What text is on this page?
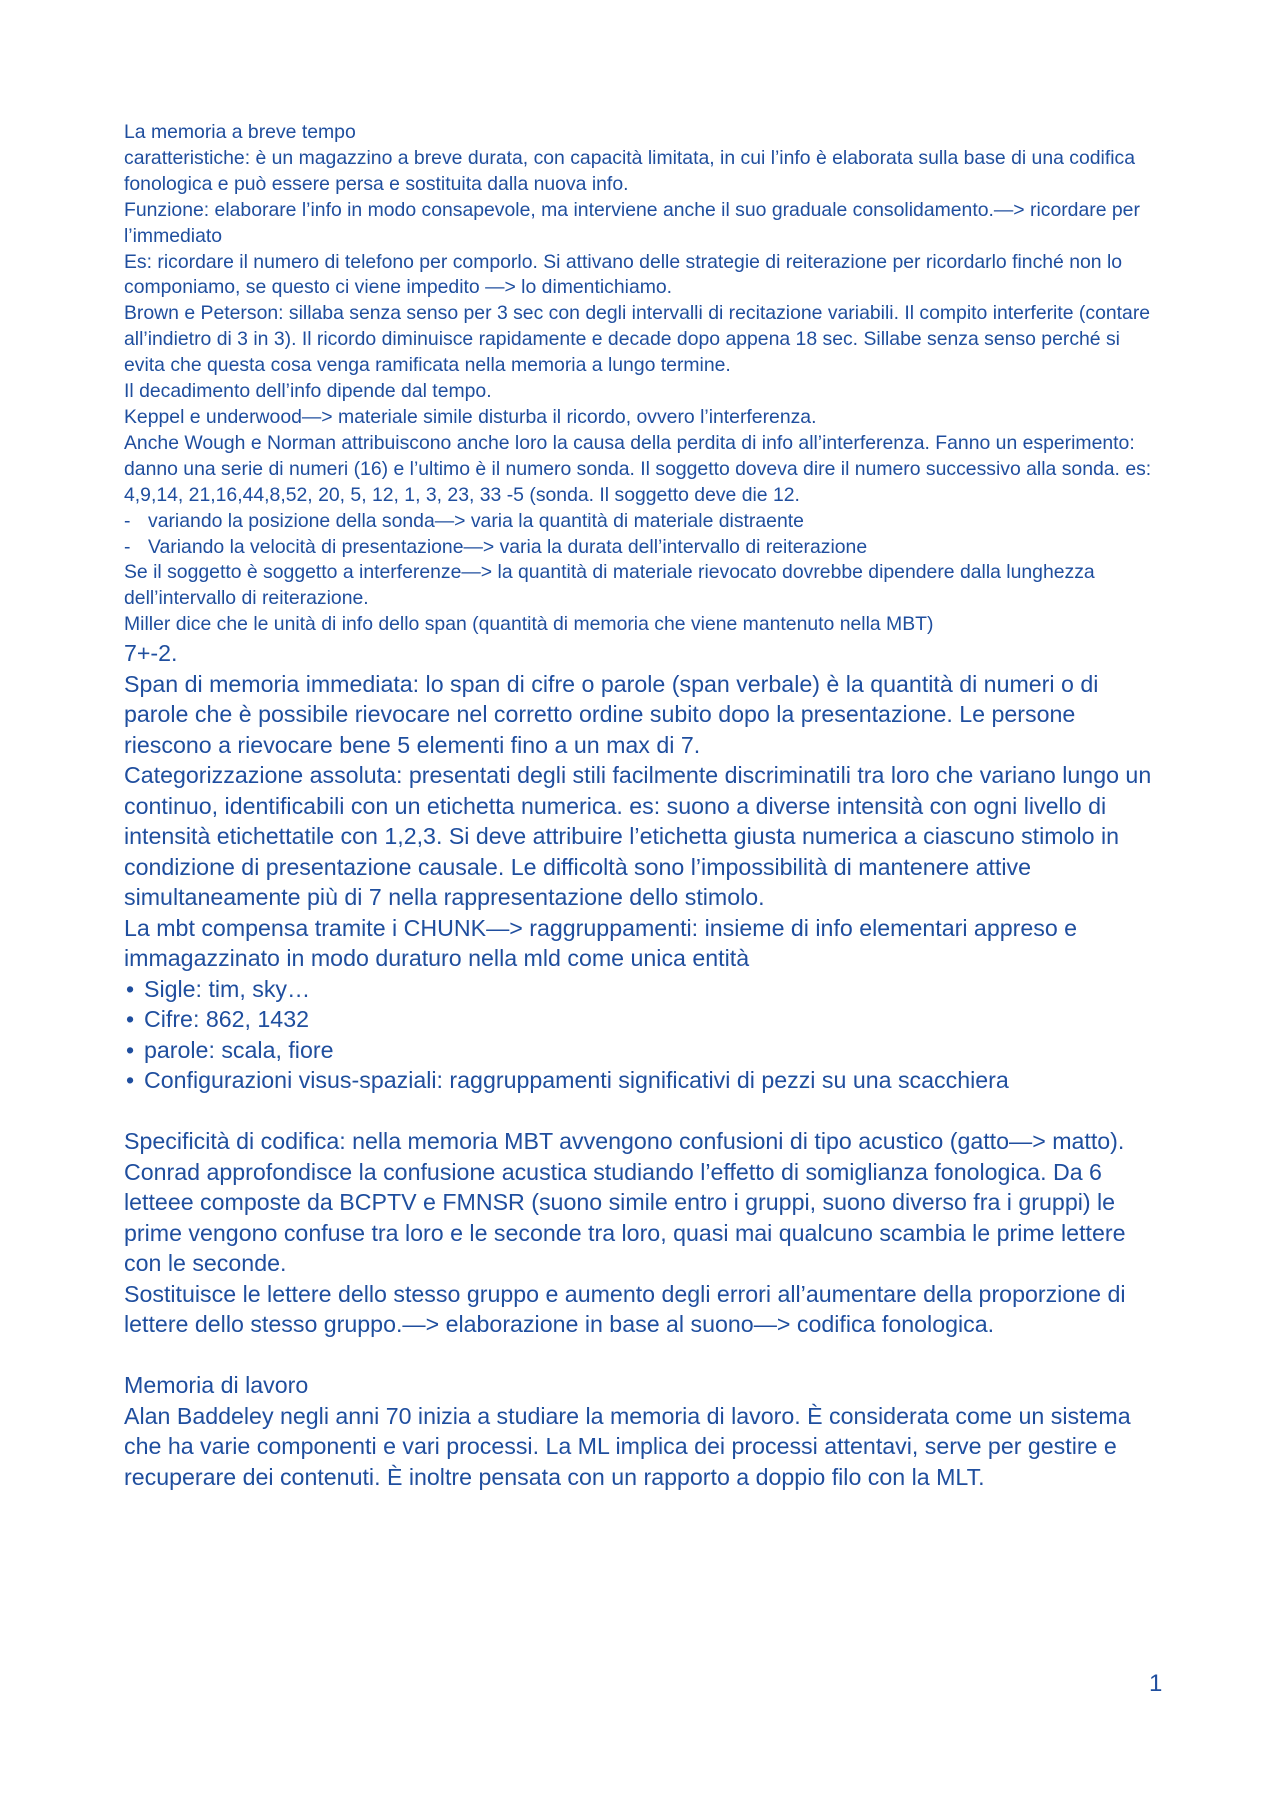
La memoria a breve tempo

caratteristiche: è un magazzino a breve durata, con capacità limitata, in cui l’info è elaborata sulla base di una codifica fonologica e può essere persa e sostituita dalla nuova info.

Funzione: elaborare l’info in modo consapevole, ma interviene anche il suo graduale consolidamento.—> ricordare per l’immediato

Es: ricordare il numero di telefono per comporlo. Si attivano delle strategie di reiterazione per ricordarlo finché non lo componiamo, se questo ci viene impedito —> lo dimentichiamo.

Brown e Peterson: sillaba senza senso per 3 sec con degli intervalli di recitazione variabili. Il compito interferite (contare all’indietro di 3 in 3). Il ricordo diminuisce rapidamente e decade dopo appena 18 sec. Sillabe senza senso perché si evita che questa cosa venga ramificata nella memoria a lungo termine.

Il decadimento dell’info dipende dal tempo.

Keppel e underwood—> materiale simile disturba il ricordo, ovvero l’interferenza.

Anche Wough e Norman attribuiscono anche loro la causa della perdita di info all’interferenza. Fanno un esperimento: danno una serie di numeri (16) e l’ultimo è il numero sonda. Il soggetto doveva dire il numero successivo alla sonda. es: 4,9,14, 21,16,44,8,52, 20, 5, 12, 1, 3, 23, 33 -5 (sonda. Il soggetto deve die 12.

- variando la posizione della sonda—> varia la quantità di materiale distraente
- Variando la velocità di presentazione—> varia la durata dell’intervallo di reiterazione

Se il soggetto è soggetto a interferenze—> la quantità di materiale rievocato dovrebbe dipendere dalla lunghezza dell’intervallo di reiterazione.

Miller dice che le unità di info dello span (quantità di memoria che viene mantenuto nella MBT)

7+-2.

Span di memoria immediata: lo span di cifre o parole (span verbale) è la quantità di numeri o di parole che è possibile rievocare nel corretto ordine subito dopo la presentazione. Le persone riescono a rievocare bene 5 elementi fino a un max di 7.

Categorizzazione assoluta: presentati degli stili facilmente discriminatili tra loro che variano lungo un continuo, identificabili con un etichetta numerica. es: suono a diverse intensità con ogni livello di intensità etichettatile con 1,2,3. Si deve attribuire l’etichetta giusta numerica a ciascuno stimolo in condizione di presentazione causale. Le difficoltà sono l’impossibilità di mantenere attive simultaneamente più di 7 nella rappresentazione dello stimolo.

La mbt compensa tramite i CHUNK—> raggruppamenti: insieme di info elementari appreso e immagazzinato in modo duraturo nella mld come unica entità

• Sigle: tim, sky…
• Cifre: 862, 1432
• parole: scala, fiore
• Configurazioni visus-spaziali: raggruppamenti significativi di pezzi su una scacchiera

Specificità di codifica: nella memoria MBT avvengono confusioni di tipo acustico (gatto—> matto).

Conrad approfondisce la confusione acustica studiando l’effetto di somiglianza fonologica. Da 6 letteee composte da BCPTV e FMNSR (suono simile entro i gruppi, suono diverso fra i gruppi) le prime vengono confuse tra loro e le seconde tra loro, quasi mai qualcuno scambia le prime lettere con le seconde.

Sostituisce le lettere dello stesso gruppo e aumento degli errori all’aumentare della proporzione di lettere dello stesso gruppo.—> elaborazione in base al suono—> codifica fonologica.

Memoria di lavoro

Alan Baddeley negli anni 70 inizia a studiare la memoria di lavoro. È considerata come un sistema che ha varie componenti e vari processi. La ML implica dei processi attentavi, serve per gestire e recuperare dei contenuti. È inoltre pensata con un rapporto a doppio filo con la MLT.

1
